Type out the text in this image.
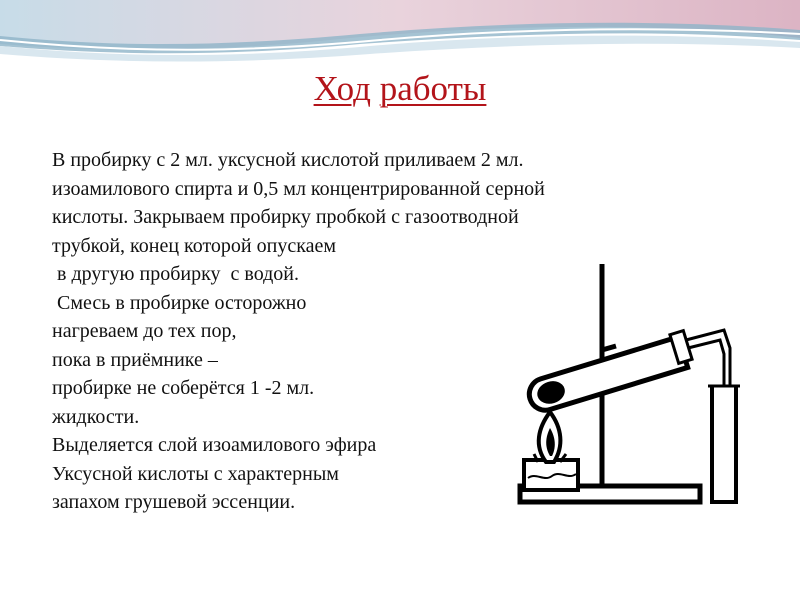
Ход работы
В пробирку с 2 мл. уксусной кислотой приливаем 2 мл.
изоамилового спирта и 0,5 мл концентрированной серной
кислоты. Закрываем пробирку пробкой с газоотводной
трубкой, конец которой опускаем
в другую пробирку  с водой.
Смесь в пробирке осторожно
нагреваем до тех пор,
пока в приёмнике –
пробирке не соберётся 1 -2 мл.
жидкости.
Выделяется слой изоамилового эфира
Уксусной кислоты с характерным
запахом грушевой эссенции.
